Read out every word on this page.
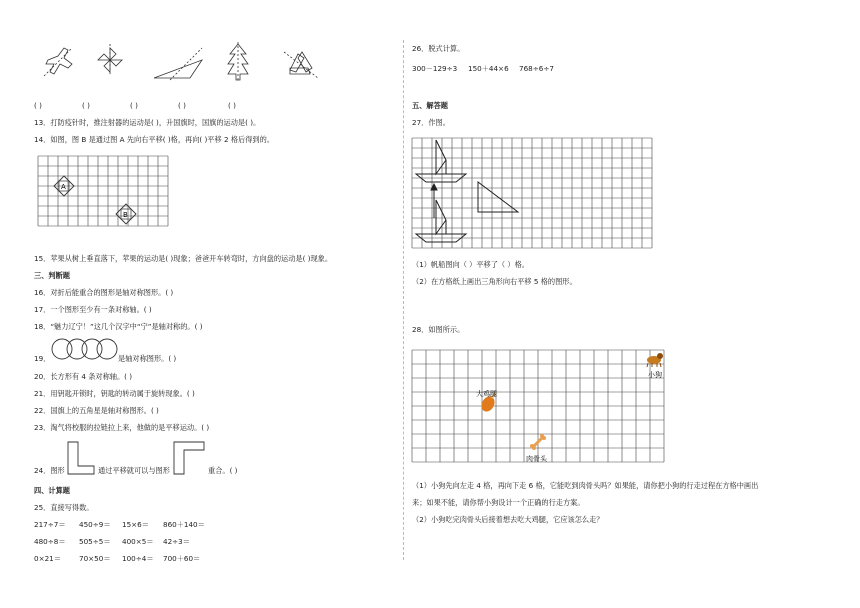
( )	( )	( )	( )	( )
13．打防疫针时，推注射器的运动是( )，升国旗时，国旗的运动是( )。
14．如图，图 B 是通过图 A 先向右平移( )格，再向( )平移 2 格后得到的。
A
B
15．苹果从树上垂直落下，苹果的运动是( )现象；爸爸开车转弯时，方向盘的运动是( )现象。
三、判断题
16．对折后能重合的图形是轴对称图形。( )
17．一个图形至少有一条对称轴。( )
18．“魅力辽宁！”这几个汉字中“宁”是轴对称的。( )
19．	是轴对称图形。( )
20．长方形有 4 条对称轴。( )
21．用钥匙开锁时，钥匙的转动属于旋转现象。( )
22．国旗上的五角星是轴对称图形。( )
23．淘气将校服的拉链拉上来，他做的是平移运动。( )
24．图形	通过平移就可以与图形	重合。( )
四、计算题
25．直接写得数。
217÷7＝ 450÷9＝ 15×6＝ 860＋140＝
480÷8＝ 505÷5＝ 400×5＝ 42÷3＝
0×21＝	70×50＝ 100÷4＝ 700＋60＝
26．脱式计算。
300－129÷3 150＋44×6 768÷6÷7
五、解答题
27．作图。
（1）帆船图向（ ）平移了（ ）格。
（2）在方格纸上画出三角形向右平移 5 格的图形。
28．如图所示。
小狗
大鸡腿
肉骨头
（1）小狗先向左走 4 格，再向下走 6 格，它能吃到肉骨头吗？如果能，请你把小狗的行走过程在方格中画出
来；如果不能，请你帮小狗设计一个正确的行走方案。
（2）小狗吃完肉骨头后接着想去吃大鸡腿，它应该怎么走？
